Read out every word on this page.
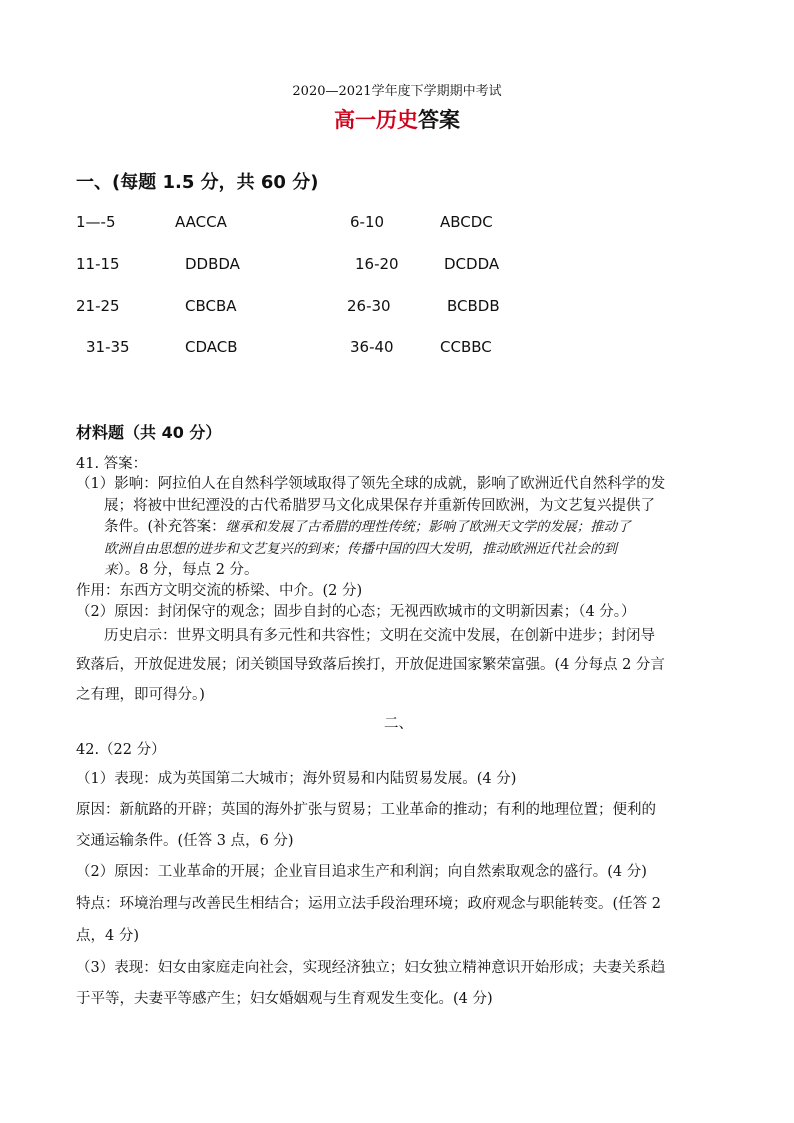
2020—2021学年度下学期期中考试
高一历史答案
一、(每题 1.5 分，共 60 分)
1—-5	AACCA	6-10	ABCDC
11-15	DDBDA	16-20	DCDDA
21-25	CBCBA	26-30	BCBDB
31-35	CDACB	36-40	CCBBC
材料题（共 40 分）
41. 答案：
（1）影响：阿拉伯人在自然科学领域取得了领先全球的成就，影响了欧洲近代自然科学的发
展；将被中世纪湮没的古代希腊罗马文化成果保存并重新传回欧洲，为文艺复兴提供了
条件。(补充答案：继承和发展了古希腊的理性传统；影响了欧洲天文学的发展；推动了
欧洲自由思想的进步和文艺复兴的到来；传播中国的四大发明，推动欧洲近代社会的到
来）。8 分，每点 2 分。
作用：东西方文明交流的桥梁、中介。(2 分)
（2）原因：封闭保守的观念；固步自封的心态；无视西欧城市的文明新因素；（4 分。）
历史启示：世界文明具有多元性和共容性；文明在交流中发展，在创新中进步；封闭导
致落后，开放促进发展；闭关锁国导致落后挨打，开放促进国家繁荣富强。(4 分每点 2 分言
之有理，即可得分。)
二、
42.（22 分）
（1）表现：成为英国第二大城市；海外贸易和内陆贸易发展。(4 分)
原因：新航路的开辟；英国的海外扩张与贸易；工业革命的推动；有利的地理位置；便利的
交通运输条件。(任答 3 点，6 分)
（2）原因：工业革命的开展；企业盲目追求生产和利润；向自然索取观念的盛行。(4 分)
特点：环境治理与改善民生相结合；运用立法手段治理环境；政府观念与职能转变。(任答 2
点，4 分)
（3）表现：妇女由家庭走向社会，实现经济独立；妇女独立精神意识开始形成；夫妻关系趋
于平等，夫妻平等感产生；妇女婚姻观与生育观发生变化。(4 分)
